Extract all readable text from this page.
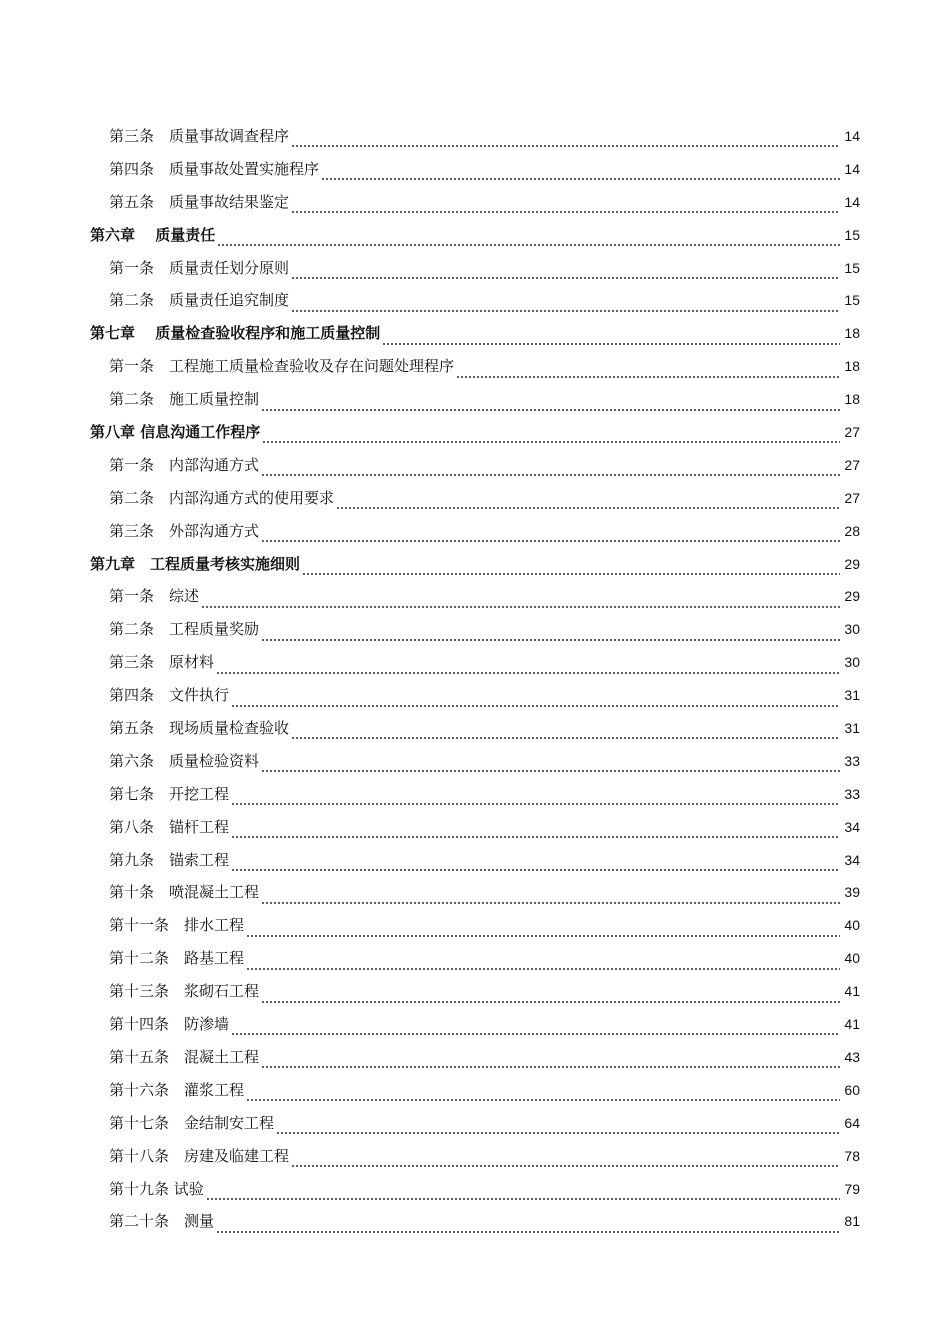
第三条　质量事故调查程序	14
第四条　质量事故处置实施程序	14
第五条　质量事故结果鉴定	14
第六章　 质量责任	15
第一条　质量责任划分原则	15
第二条　质量责任追究制度	15
第七章　 质量检查验收程序和施工质量控制	18
第一条　工程施工质量检查验收及存在问题处理程序	18
第二条　施工质量控制	18
第八章 信息沟通工作程序	27
第一条　内部沟通方式	27
第二条　内部沟通方式的使用要求	27
第三条　外部沟通方式	28
第九章　工程质量考核实施细则	29
第一条　综述	29
第二条　工程质量奖励	30
第三条　原材料	30
第四条　文件执行	31
第五条　现场质量检查验收	31
第六条　质量检验资料	33
第七条　开挖工程	33
第八条　锚杆工程	34
第九条　锚索工程	34
第十条　喷混凝土工程	39
第十一条　排水工程	40
第十二条　路基工程	40
第十三条　浆砌石工程	41
第十四条　防渗墙	41
第十五条　混凝土工程	43
第十六条　灌浆工程	60
第十七条　金结制安工程	64
第十八条　房建及临建工程	78
第十九条 试验	79
第二十条　测量	81
